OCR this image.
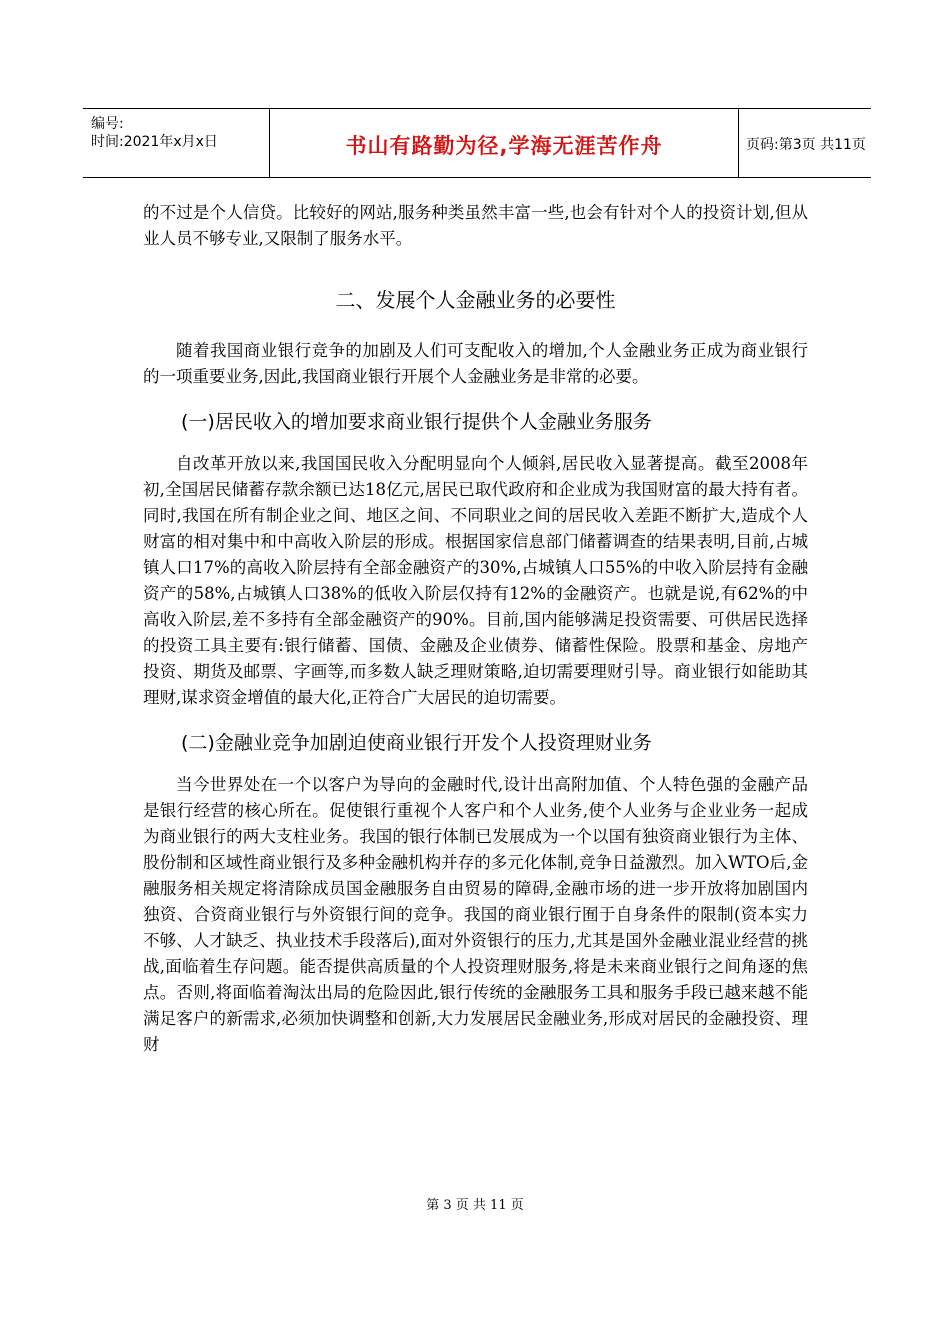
编号:
时间:2021年x月x日	书山有路勤为径,学海无涯苦作舟	页码:第3页 共11页

的不过是个人信贷。比较好的网站,服务种类虽然丰富一些,也会有针对个人的投资计划,但从业人员不够专业,又限制了服务水平。

二、发展个人金融业务的必要性

随着我国商业银行竞争的加剧及人们可支配收入的增加,个人金融业务正成为商业银行的一项重要业务,因此,我国商业银行开展个人金融业务是非常的必要。

(一)居民收入的增加要求商业银行提供个人金融业务服务

自改革开放以来,我国国民收入分配明显向个人倾斜,居民收入显著提高。截至2008年初,全国居民储蓄存款余额已达18亿元,居民已取代政府和企业成为我国财富的最大持有者。同时,我国在所有制企业之间、地区之间、不同职业之间的居民收入差距不断扩大,造成个人财富的相对集中和中高收入阶层的形成。根据国家信息部门储蓄调查的结果表明,目前,占城镇人口17%的高收入阶层持有全部金融资产的30%,占城镇人口55%的中收入阶层持有金融资产的58%,占城镇人口38%的低收入阶层仅持有12%的金融资产。也就是说,有62%的中高收入阶层,差不多持有全部金融资产的90%。目前,国内能够满足投资需要、可供居民选择的投资工具主要有:银行储蓄、国债、金融及企业债券、储蓄性保险。股票和基金、房地产投资、期货及邮票、字画等,而多数人缺乏理财策略,迫切需要理财引导。商业银行如能助其理财,谋求资金增值的最大化,正符合广大居民的迫切需要。

(二)金融业竞争加剧迫使商业银行开发个人投资理财业务

当今世界处在一个以客户为导向的金融时代,设计出高附加值、个人特色强的金融产品是银行经营的核心所在。促使银行重视个人客户和个人业务,使个人业务与企业业务一起成为商业银行的两大支柱业务。我国的银行体制已发展成为一个以国有独资商业银行为主体、股份制和区域性商业银行及多种金融机构并存的多元化体制,竞争日益激烈。加入WTO后,金融服务相关规定将清除成员国金融服务自由贸易的障碍,金融市场的进一步开放将加剧国内独资、合资商业银行与外资银行间的竞争。我国的商业银行囿于自身条件的限制(资本实力不够、人才缺乏、执业技术手段落后),面对外资银行的压力,尤其是国外金融业混业经营的挑战,面临着生存问题。能否提供高质量的个人投资理财服务,将是未来商业银行之间角逐的焦点。否则,将面临着淘汰出局的危险因此,银行传统的金融服务工具和服务手段已越来越不能满足客户的新需求,必须加快调整和创新,大力发展居民金融业务,形成对居民的金融投资、理财

第 3 页 共 11 页
